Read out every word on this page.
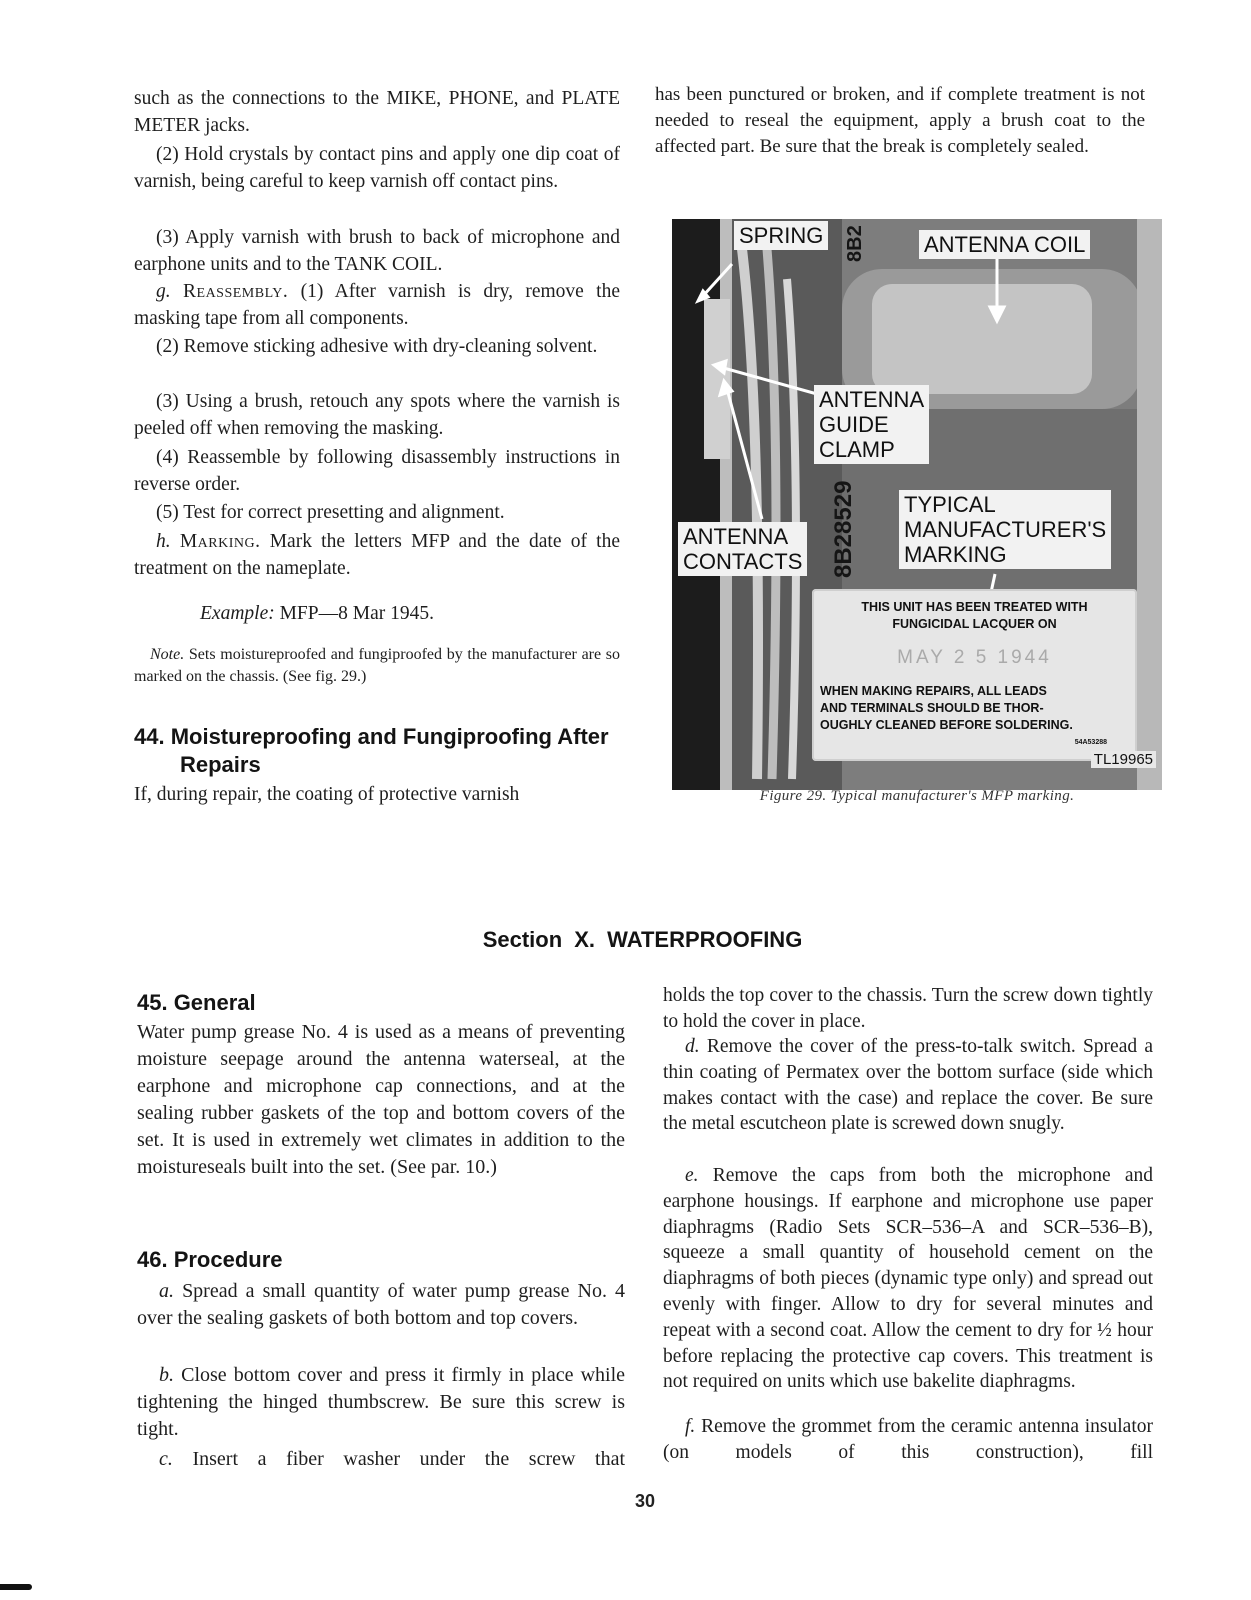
such as the connections to the MIKE, PHONE, and PLATE METER jacks.

(2) Hold crystals by contact pins and apply one dip coat of varnish, being careful to keep varnish off contact pins.

(3) Apply varnish with brush to back of microphone and earphone units and to the TANK COIL.

g. Reassembly. (1) After varnish is dry, remove the masking tape from all components.

(2) Remove sticking adhesive with dry-cleaning solvent.

(3) Using a brush, retouch any spots where the varnish is peeled off when removing the masking.

(4) Reassemble by following disassembly instructions in reverse order.

(5) Test for correct presetting and alignment.

h. Marking. Mark the letters MFP and the date of the treatment on the nameplate.

Example: MFP—8 Mar 1945.

Note. Sets moistureproofed and fungiproofed by the manufacturer are so marked on the chassis. (See fig. 29.)

44. Moistureproofing and Fungiproofing After
Repairs

If, during repair, the coating of protective varnish

has been punctured or broken, and if complete treatment is not needed to reseal the equipment, apply a brush coat to the affected part. Be sure that the break is completely sealed.

SPRING 8B2	ANTENNA COIL
ANTENNA
GUIDE
CLAMP
8B28529	TYPICAL
MANUFACTURER'S
MARKING
ANTENNA
CONTACTS
THIS UNIT HAS BEEN TREATED WITH
FUNGICIDAL LACQUER ON
MAY 2 5 1944
WHEN MAKING REPAIRS, ALL LEADS
AND TERMINALS SHOULD BE THOR-
OUGHLY CLEANED BEFORE SOLDERING.
54A53288
TL19965
Figure 29. Typical manufacturer's MFP marking.
Section X. WATERPROOFING
45. General

Water pump grease No. 4 is used as a means of preventing moisture seepage around the antenna waterseal, at the earphone and microphone cap connections, and at the sealing rubber gaskets of the top and bottom covers of the set. It is used in extremely wet climates in addition to the moistureseals built into the set. (See par. 10.)

46. Procedure

a. Spread a small quantity of water pump grease No. 4 over the sealing gaskets of both bottom and top covers.

b. Close bottom cover and press it firmly in place while tightening the hinged thumbscrew. Be sure this screw is tight.

c. Insert a fiber washer under the screw that

holds the top cover to the chassis. Turn the screw down tightly to hold the cover in place.

d. Remove the cover of the press-to-talk switch. Spread a thin coating of Permatex over the bottom surface (side which makes contact with the case) and replace the cover. Be sure the metal escutcheon plate is screwed down snugly.

e. Remove the caps from both the microphone and earphone housings. If earphone and microphone use paper diaphragms (Radio Sets SCR–536–A and SCR–536–B), squeeze a small quantity of household cement on the diaphragms of both pieces (dynamic type only) and spread out evenly with finger. Allow to dry for several minutes and repeat with a second coat. Allow the cement to dry for ½ hour before replacing the protective cap covers. This treatment is not required on units which use bakelite diaphragms.

f. Remove the grommet from the ceramic antenna insulator (on models of this construction), fill

30
